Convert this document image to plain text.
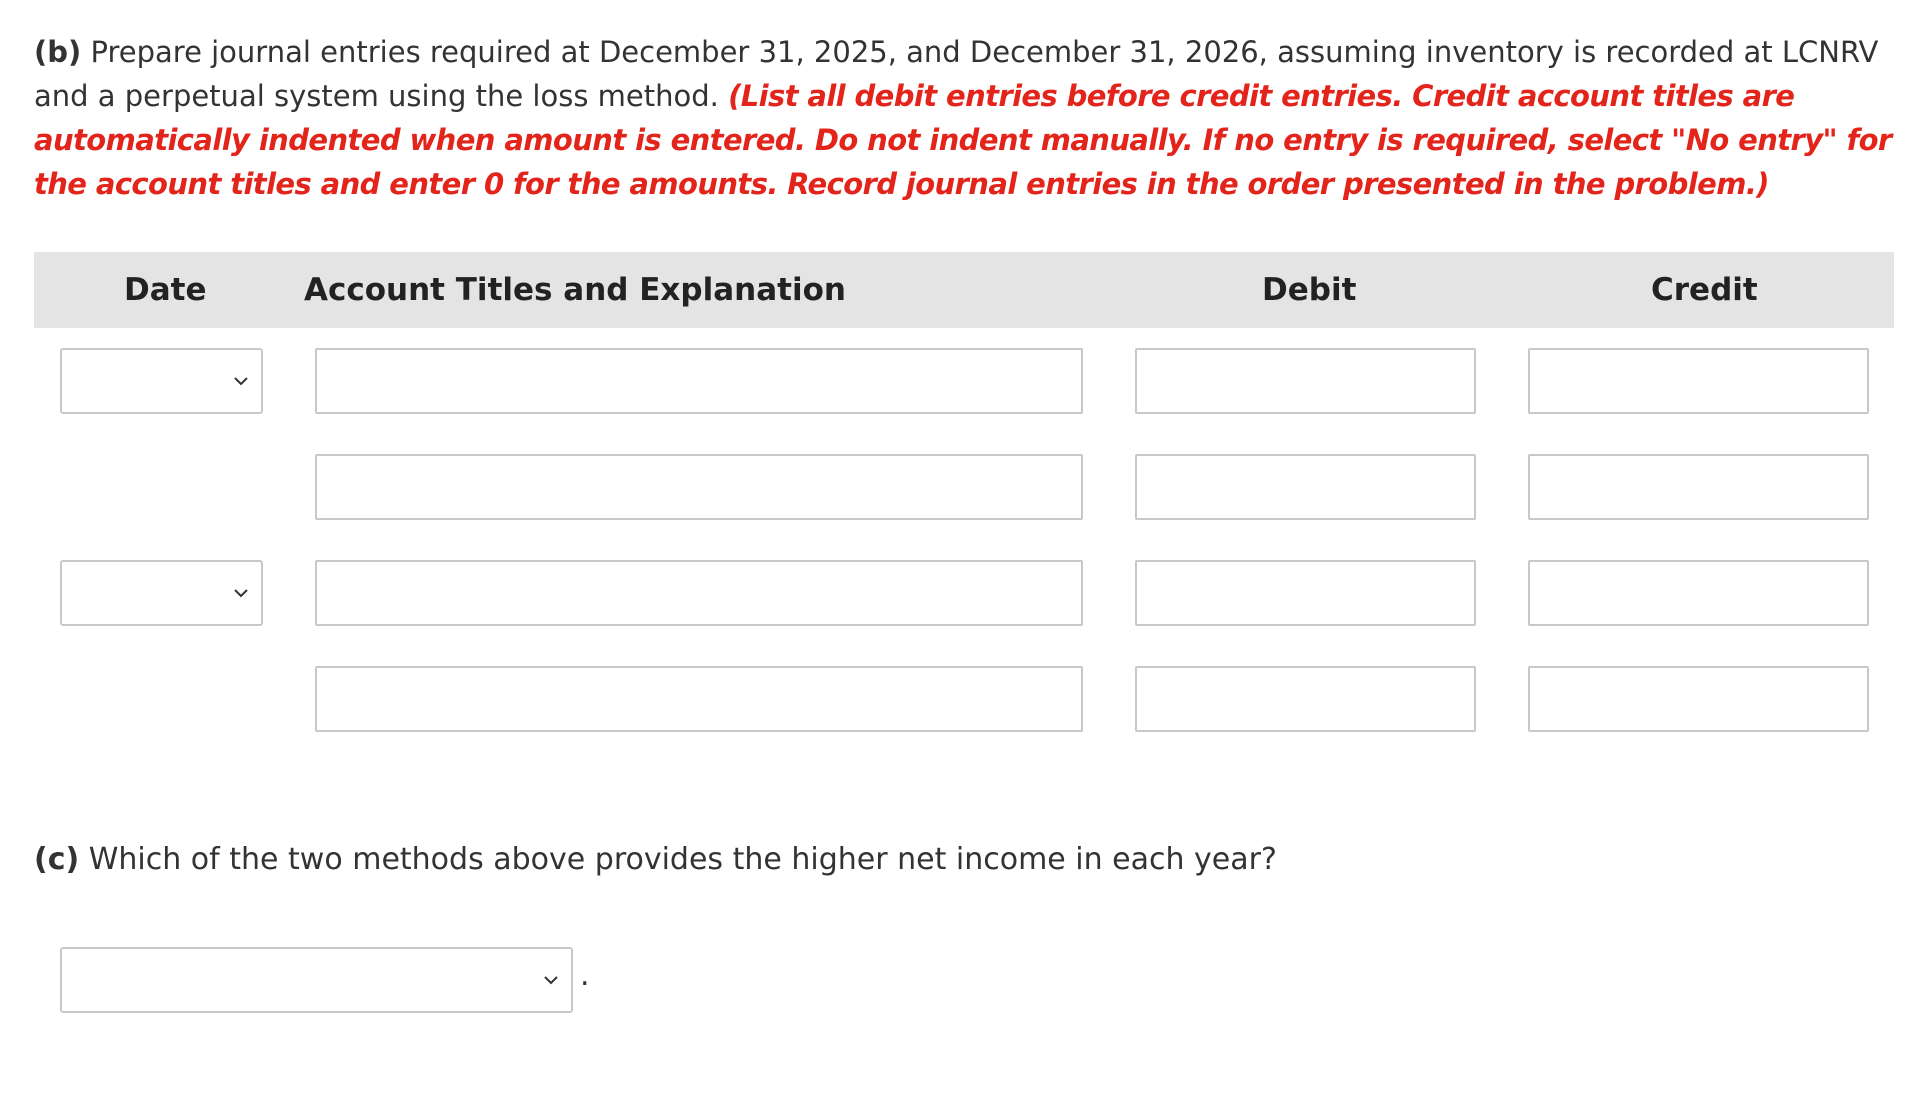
(b) Prepare journal entries required at December 31, 2025, and December 31, 2026, assuming inventory is recorded at LCNRV and a perpetual system using the loss method. (List all debit entries before credit entries. Credit account titles are automatically indented when amount is entered. Do not indent manually. If no entry is required, select "No entry" for the account titles and enter 0 for the amounts. Record journal entries in the order presented in the problem.)
Date	Account Titles and Explanation	Debit	Credit
(c) Which of the two methods above provides the higher net income in each year?
.
